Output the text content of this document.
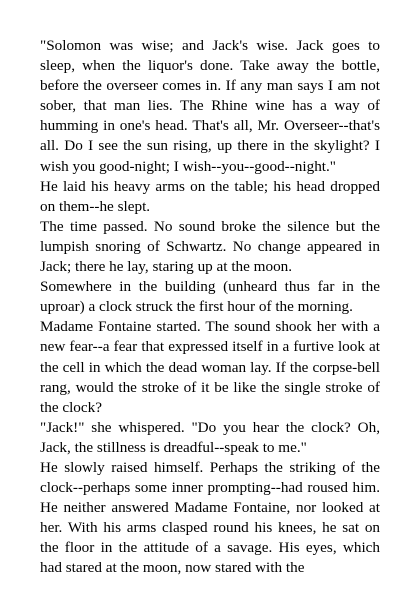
"Solomon was wise; and Jack's wise. Jack goes to sleep, when the liquor's done. Take away the bottle, before the overseer comes in. If any man says I am not sober, that man lies. The Rhine wine has a way of humming in one's head. That's all, Mr. Overseer--that's all. Do I see the sun rising, up there in the skylight? I wish you good-night; I wish--you--good--night."

He laid his heavy arms on the table; his head dropped on them--he slept.

The time passed. No sound broke the silence but the lumpish snoring of Schwartz. No change appeared in Jack; there he lay, staring up at the moon.

Somewhere in the building (unheard thus far in the uproar) a clock struck the first hour of the morning.

Madame Fontaine started. The sound shook her with a new fear--a fear that expressed itself in a furtive look at the cell in which the dead woman lay. If the corpse-bell rang, would the stroke of it be like the single stroke of the clock?

"Jack!" she whispered. "Do you hear the clock? Oh, Jack, the stillness is dreadful--speak to me."

He slowly raised himself. Perhaps the striking of the clock--perhaps some inner prompting--had roused him. He neither answered Madame Fontaine, nor looked at her. With his arms clasped round his knees, he sat on the floor in the attitude of a savage. His eyes, which had stared at the moon, now stared with the
